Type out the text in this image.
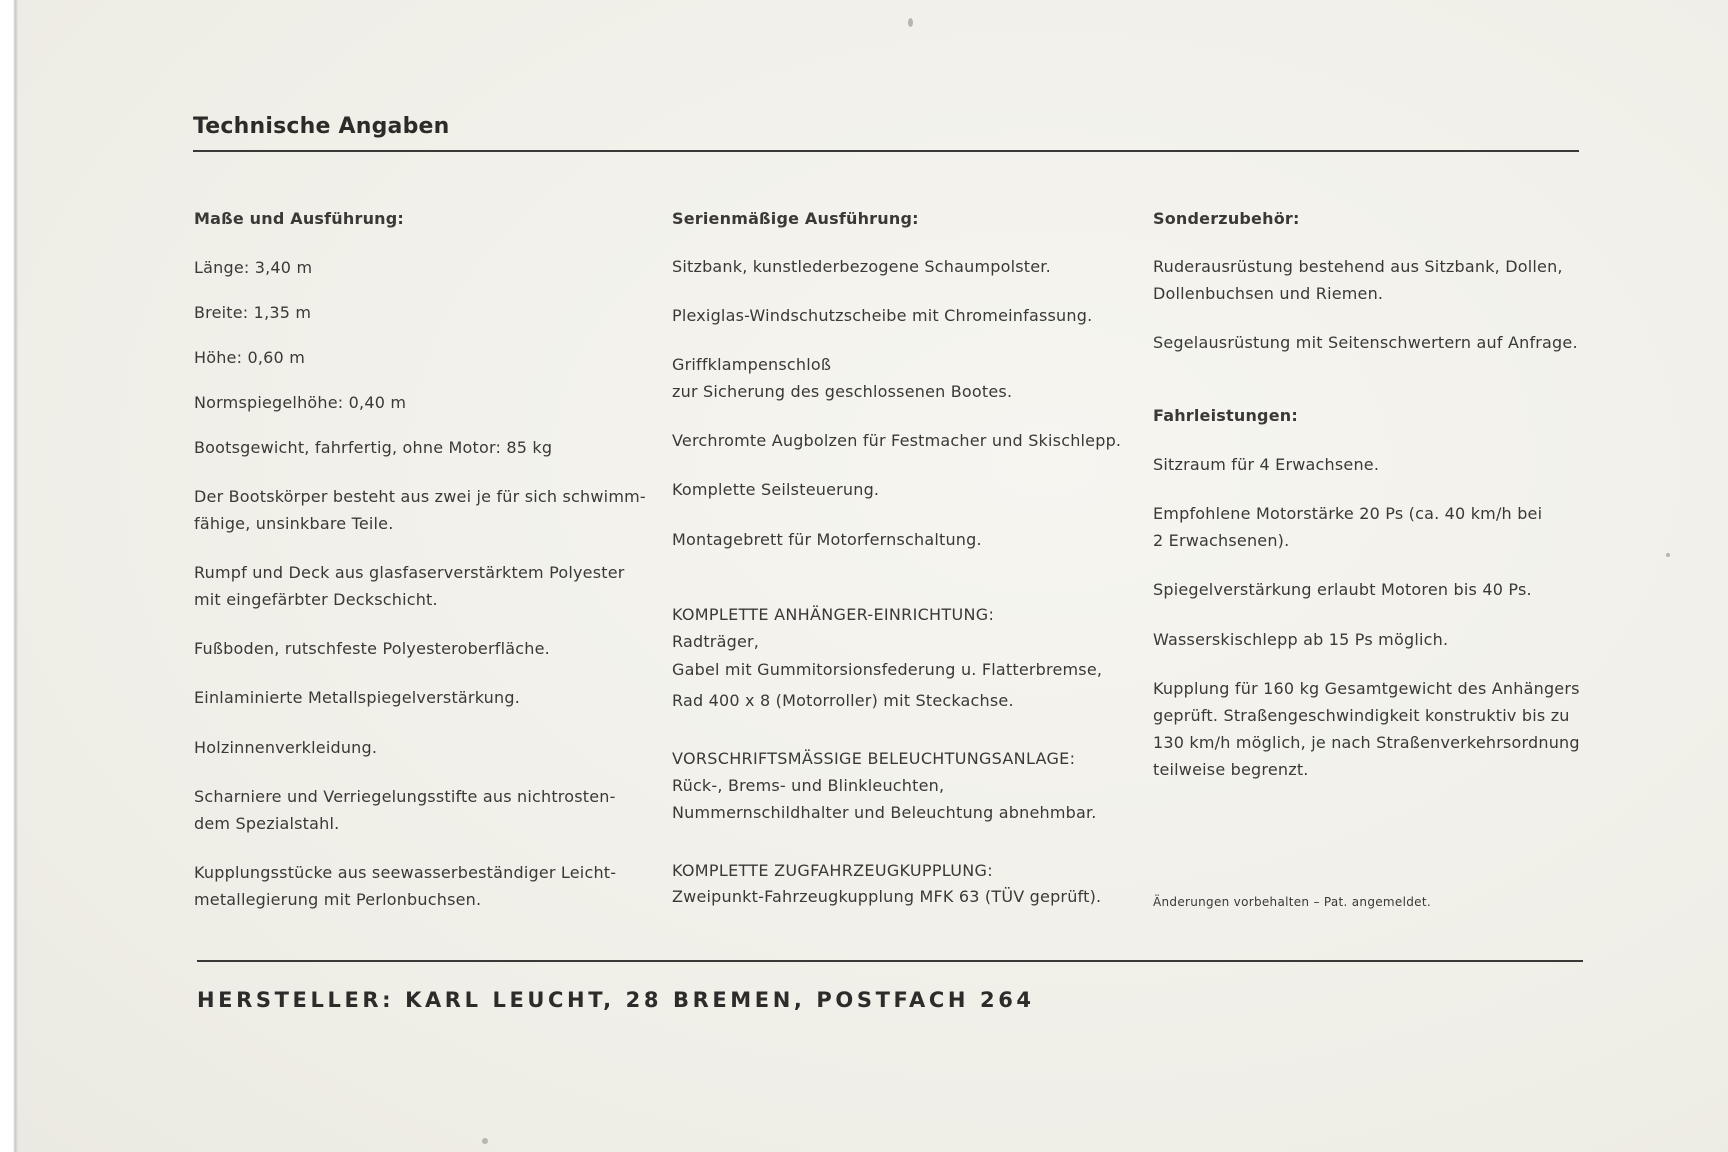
Technische Angaben
Maße und Ausführung:
Länge: 3,40 m
Breite: 1,35 m
Höhe: 0,60 m
Normspiegelhöhe: 0,40 m
Bootsgewicht, fahrfertig, ohne Motor: 85 kg
Der Bootskörper besteht aus zwei je für sich schwimm-
fähige, unsinkbare Teile.
Rumpf und Deck aus glasfaserverstärktem Polyester
mit eingefärbter Deckschicht.
Fußboden, rutschfeste Polyesteroberfläche.
Einlaminierte Metallspiegelverstärkung.
Holzinnenverkleidung.
Scharniere und Verriegelungsstifte aus nichtrosten-
dem Spezialstahl.
Kupplungsstücke aus seewasserbeständiger Leicht-
metallegierung mit Perlonbuchsen.
Serienmäßige Ausführung:
Sitzbank, kunstlederbezogene Schaumpolster.
Plexiglas-Windschutzscheibe mit Chromeinfassung.
Griffklampenschloß
zur Sicherung des geschlossenen Bootes.
Verchromte Augbolzen für Festmacher und Skischlepp.
Komplette Seilsteuerung.
Montagebrett für Motorfernschaltung.
KOMPLETTE ANHÄNGER-EINRICHTUNG:
Radträger,
Gabel mit Gummitorsionsfederung u. Flatterbremse,
Rad 400 x 8 (Motorroller) mit Steckachse.
VORSCHRIFTSMÄSSIGE BELEUCHTUNGSANLAGE:
Rück-, Brems- und Blinkleuchten,
Nummernschildhalter und Beleuchtung abnehmbar.
KOMPLETTE ZUGFAHRZEUGKUPPLUNG:
Zweipunkt-Fahrzeugkupplung MFK 63 (TÜV geprüft).
Sonderzubehör:
Ruderausrüstung bestehend aus Sitzbank, Dollen,
Dollenbuchsen und Riemen.
Segelausrüstung mit Seitenschwertern auf Anfrage.
Fahrleistungen:
Sitzraum für 4 Erwachsene.
Empfohlene Motorstärke 20 Ps (ca. 40 km/h bei
2 Erwachsenen).
Spiegelverstärkung erlaubt Motoren bis 40 Ps.
Wasserskischlepp ab 15 Ps möglich.
Kupplung für 160 kg Gesamtgewicht des Anhängers
geprüft. Straßengeschwindigkeit konstruktiv bis zu
130 km/h möglich, je nach Straßenverkehrsordnung
teilweise begrenzt.
Änderungen vorbehalten – Pat. angemeldet.
HERSTELLER: KARL LEUCHT, 28 BREMEN, POSTFACH 264
